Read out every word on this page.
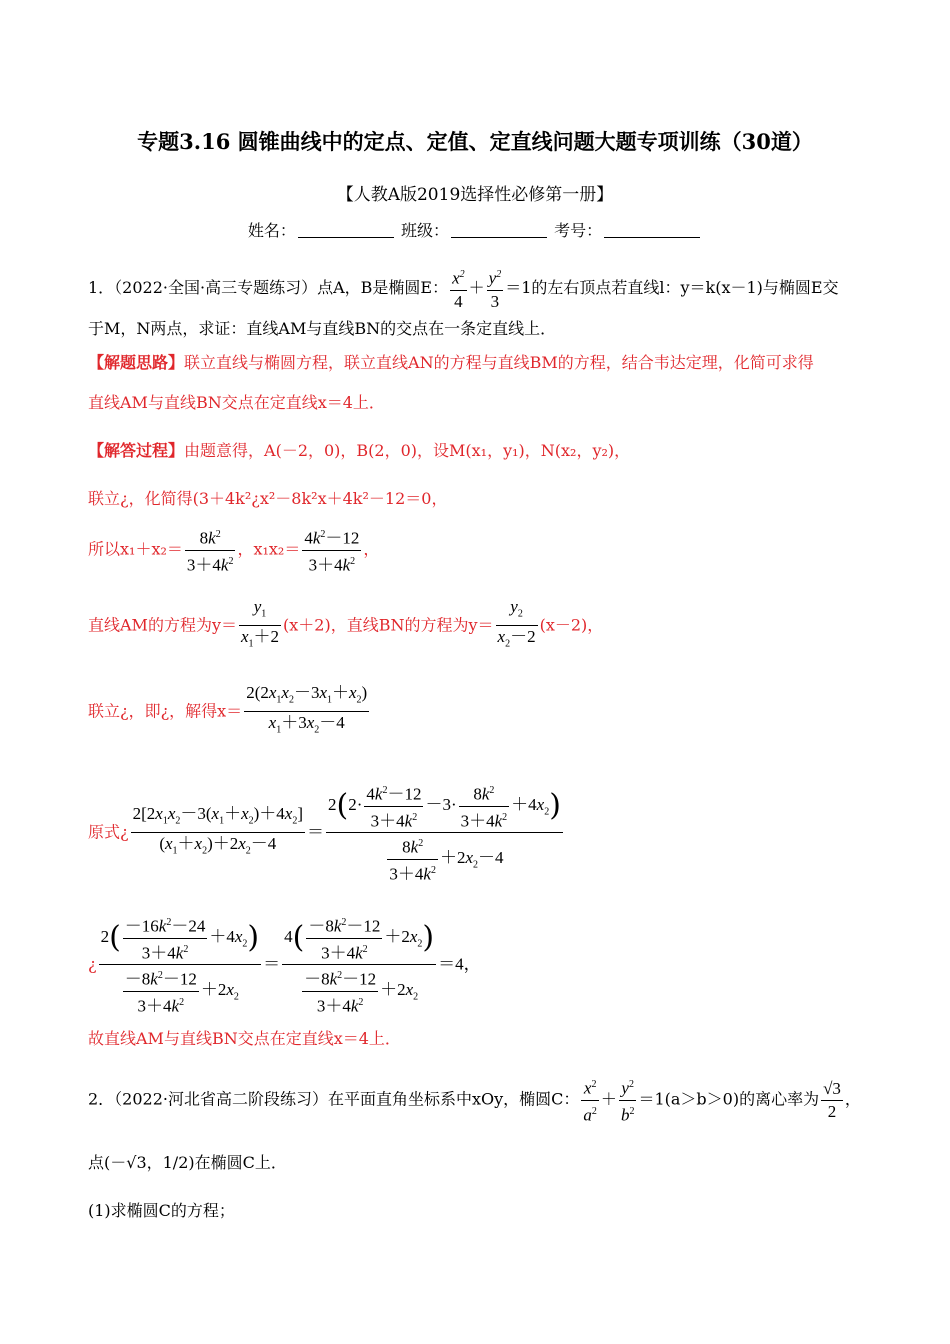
专题3.16 圆锥曲线中的定点、定值、定直线问题大题专项训练（30道）
【人教A版2019选择性必修第一册】
姓名：	班级：	考号：
1．（2022·全国·高三专题练习）点A，B是椭圆E： $\frac{x^2}{4} + \frac{y^2}{3} =1$的左右顶点若直线l：y＝k(x－1)与椭圆E交
于M，N两点，求证：直线AM与直线BN的交点在一条定直线上．
【解题思路】联立直线与椭圆方程，联立直线AN的方程与直线BM的方程，结合韦达定理，化简可求得
直线AM与直线BN交点在定直线x＝4上．
【解答过程】由题意得，A(－2，0)，B(2，0)，设M(x₁，y₁)，N(x₂，y₂)，
联立¿，化简得(3＋4k²¿x²－8k²x＋4k²－12＝0，
所以$x_1+x_2= \frac{8k^2}{3+4k^2}$ ，$x_1x_2= \frac{4k^2-12}{3+4k^2}$ ，
直线AM的方程为$y= \frac{y_1}{x_1+2} (x+2)$，直线BN的方程为$y= \frac{y_2}{x_2-2} (x-2)$，
联立¿，即¿，解得$x= \frac{2(2x_1x_2-3x_1+x_2)}{x_1+3x_2-4}$
原式¿ $\frac{2[2x_1x_2-3(x_1+x_2)+4x_2]}{(x_1+x_2)+2x_2-4} = \frac{2(2\cdot \frac{4k^2-12}{3+4k^2} -3\cdot \frac{8k^2}{3+4k^2} +4x_2)}{\frac{8k^2}{3+4k^2} +2x_2-4}$
¿ $\frac{2( \frac{-16k^2-24}{3+4k^2} +4x_2)}{\frac{-8k^2-12}{3+4k^2} +2x_2} = \frac{4( \frac{-8k^2-12}{3+4k^2} +2x_2)}{\frac{-8k^2-12}{3+4k^2} +2x_2} =4$，
故直线AM与直线BN交点在定直线x＝4上．
2．（2022·河北省高二阶段练习）在平面直角坐标系中xOy，椭圆C： $\frac{x^2}{a^2} + \frac{y^2}{b^2} =1(a>b>0)$的离心率为 $\frac{√3}{2}$ ，
点(－√3，1/2)在椭圆C上．
(1)求椭圆C的方程；
